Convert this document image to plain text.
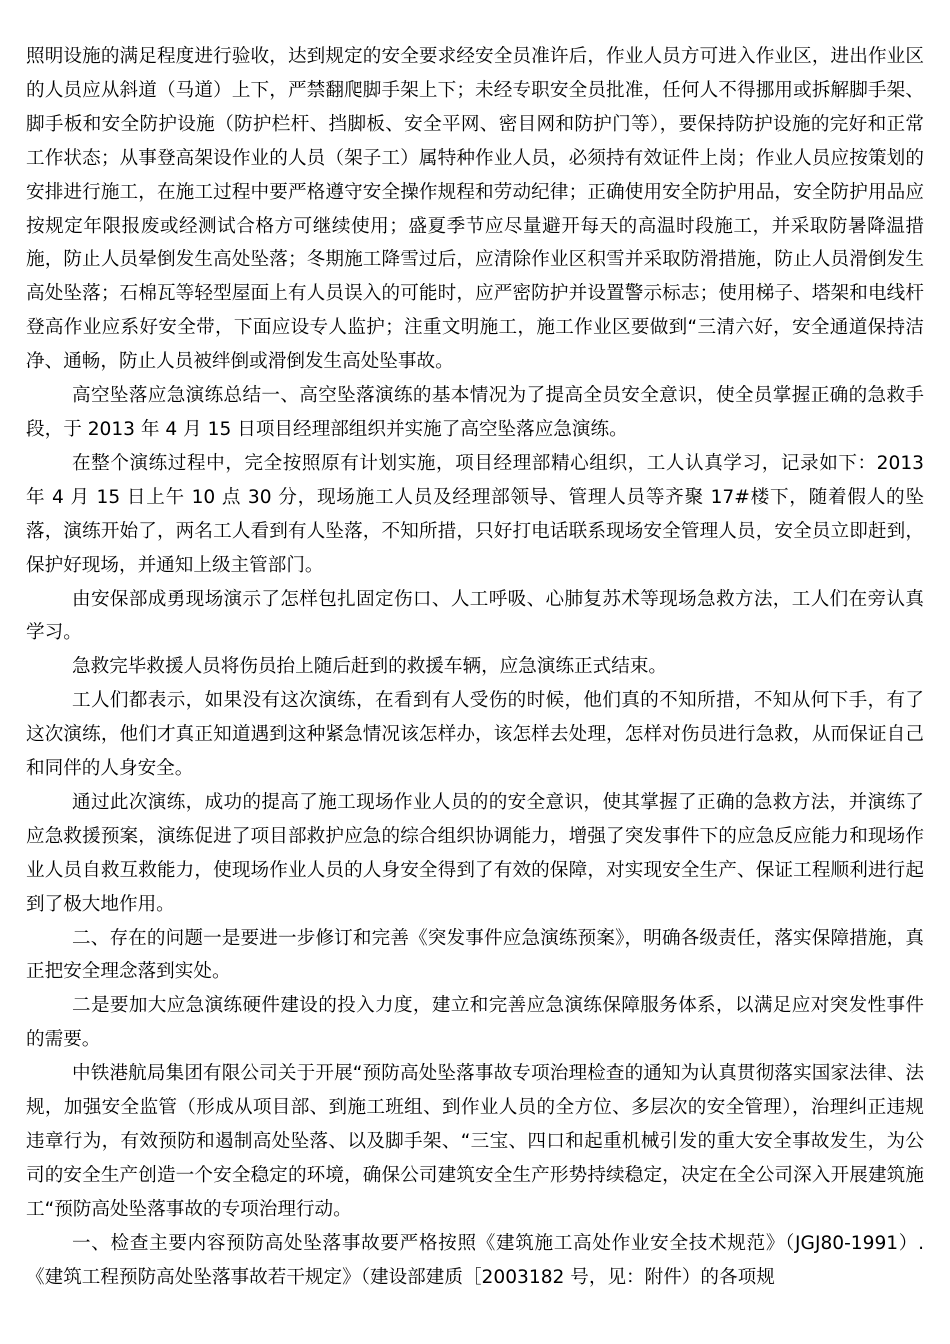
照明设施的满足程度进行验收，达到规定的安全要求经安全员准许后，作业人员方可进入作业区，进出作业区的人员应从斜道（马道）上下，严禁翻爬脚手架上下；未经专职安全员批准，任何人不得挪用或拆解脚手架、脚手板和安全防护设施（防护栏杆、挡脚板、安全平网、密目网和防护门等），要保持防护设施的完好和正常工作状态；从事登高架设作业的人员（架子工）属特种作业人员，必须持有效证件上岗；作业人员应按策划的安排进行施工，在施工过程中要严格遵守安全操作规程和劳动纪律；正确使用安全防护用品，安全防护用品应按规定年限报废或经测试合格方可继续使用；盛夏季节应尽量避开每天的高温时段施工，并采取防暑降温措施，防止人员晕倒发生高处坠落；冬期施工降雪过后，应清除作业区积雪并采取防滑措施，防止人员滑倒发生高处坠落；石棉瓦等轻型屋面上有人员误入的可能时，应严密防护并设置警示标志；使用梯子、塔架和电线杆登高作业应系好安全带，下面应设专人监护；注重文明施工，施工作业区要做到“三清六好，安全通道保持洁净、通畅，防止人员被绊倒或滑倒发生高处坠事故。

高空坠落应急演练总结一、高空坠落演练的基本情况为了提高全员安全意识，使全员掌握正确的急救手段，于 2013 年 4 月 15 日项目经理部组织并实施了高空坠落应急演练。

在整个演练过程中，完全按照原有计划实施，项目经理部精心组织，工人认真学习，记录如下：2013 年 4 月 15 日上午 10 点 30 分，现场施工人员及经理部领导、管理人员等齐聚 17#楼下，随着假人的坠落，演练开始了，两名工人看到有人坠落，不知所措，只好打电话联系现场安全管理人员，安全员立即赶到，保护好现场，并通知上级主管部门。

由安保部成勇现场演示了怎样包扎固定伤口、人工呼吸、心肺复苏术等现场急救方法，工人们在旁认真学习。

急救完毕救援人员将伤员抬上随后赶到的救援车辆，应急演练正式结束。

工人们都表示，如果没有这次演练，在看到有人受伤的时候，他们真的不知所措，不知从何下手，有了这次演练，他们才真正知道遇到这种紧急情况该怎样办，该怎样去处理，怎样对伤员进行急救，从而保证自己和同伴的人身安全。

通过此次演练，成功的提高了施工现场作业人员的的安全意识，使其掌握了正确的急救方法，并演练了应急救援预案，演练促进了项目部救护应急的综合组织协调能力，增强了突发事件下的应急反应能力和现场作业人员自救互救能力，使现场作业人员的人身安全得到了有效的保障，对实现安全生产、保证工程顺利进行起到了极大地作用。

二、存在的问题一是要进一步修订和完善《突发事件应急演练预案》，明确各级责任，落实保障措施，真正把安全理念落到实处。

二是要加大应急演练硬件建设的投入力度，建立和完善应急演练保障服务体系，以满足应对突发性事件的需要。

中铁港航局集团有限公司关于开展“预防高处坠落事故专项治理检查的通知为认真贯彻落实国家法律、法规，加强安全监管（形成从项目部、到施工班组、到作业人员的全方位、多层次的安全管理），治理纠正违规违章行为，有效预防和遏制高处坠落、以及脚手架、“三宝、四口和起重机械引发的重大安全事故发生，为公司的安全生产创造一个安全稳定的环境，确保公司建筑安全生产形势持续稳定，决定在全公司深入开展建筑施工“预防高处坠落事故的专项治理行动。

一、检查主要内容预防高处坠落事故要严格按照《建筑施工高处作业安全技术规范》（JGJ80-1991）.《建筑工程预防高处坠落事故若干规定》（建设部建质［2003182 号，见：附件）的各项规
